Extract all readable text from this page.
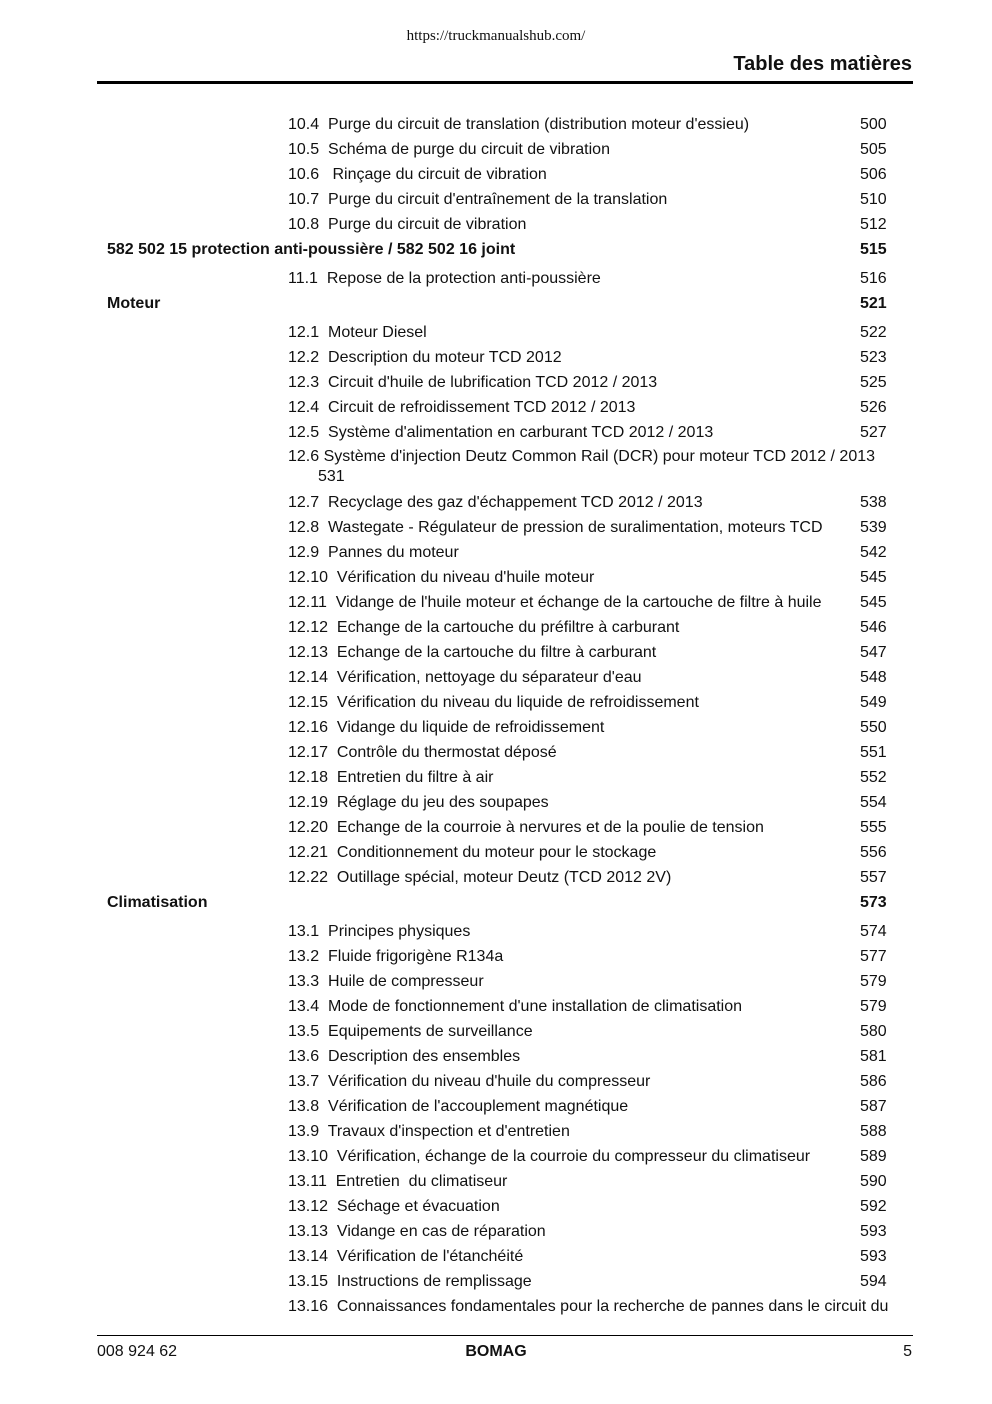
https://truckmanualshub.com/
Table des matières
10.4  Purge du circuit de translation (distribution moteur d'essieu)	500
10.5  Schéma de purge du circuit de vibration	505
10.6   Rinçage du circuit de vibration	506
10.7  Purge du circuit d'entraînement de la translation	510
10.8  Purge du circuit de vibration	512
582 502 15 protection anti-poussière / 582 502 16 joint	515
11.1  Repose de la protection anti-poussière	516
Moteur	521
12.1  Moteur Diesel	522
12.2  Description du moteur TCD 2012	523
12.3  Circuit d'huile de lubrification TCD 2012 / 2013	525
12.4  Circuit de refroidissement TCD 2012 / 2013	526
12.5  Système d'alimentation en carburant TCD 2012 / 2013	527
12.6 Système d'injection Deutz Common Rail (DCR) pour moteur TCD 2012 / 2013
531
12.7  Recyclage des gaz d'échappement TCD 2012 / 2013	538
12.8  Wastegate - Régulateur de pression de suralimentation, moteurs TCD 539
12.9  Pannes du moteur	542
12.10  Vérification du niveau d'huile moteur	545
12.11  Vidange de l'huile moteur et échange de la cartouche de filtre à huile 545
12.12  Echange de la cartouche du préfiltre à carburant	546
12.13  Echange de la cartouche du filtre à carburant	547
12.14  Vérification, nettoyage du séparateur d'eau	548
12.15  Vérification du niveau du liquide de refroidissement	549
12.16  Vidange du liquide de refroidissement	550
12.17  Contrôle du thermostat déposé	551
12.18  Entretien du filtre à air	552
12.19  Réglage du jeu des soupapes	554
12.20  Echange de la courroie à nervures et de la poulie de tension	555
12.21  Conditionnement du moteur pour le stockage	556
12.22  Outillage spécial, moteur Deutz (TCD 2012 2V)	557
Climatisation	573
13.1  Principes physiques	574
13.2  Fluide frigorigène R134a	577
13.3  Huile de compresseur	579
13.4  Mode de fonctionnement d'une installation de climatisation	579
13.5  Equipements de surveillance	580
13.6  Description des ensembles	581
13.7  Vérification du niveau d'huile du compresseur	586
13.8  Vérification de l'accouplement magnétique	587
13.9  Travaux d'inspection et d'entretien	588
13.10  Vérification, échange de la courroie du compresseur du climatiseur	589
13.11  Entretien  du climatiseur	590
13.12  Séchage et évacuation	592
13.13  Vidange en cas de réparation	593
13.14  Vérification de l'étanchéité	593
13.15  Instructions de remplissage	594
13.16  Connaissances fondamentales pour la recherche de pannes dans le circuit du
008 924 62	BOMAG	5
